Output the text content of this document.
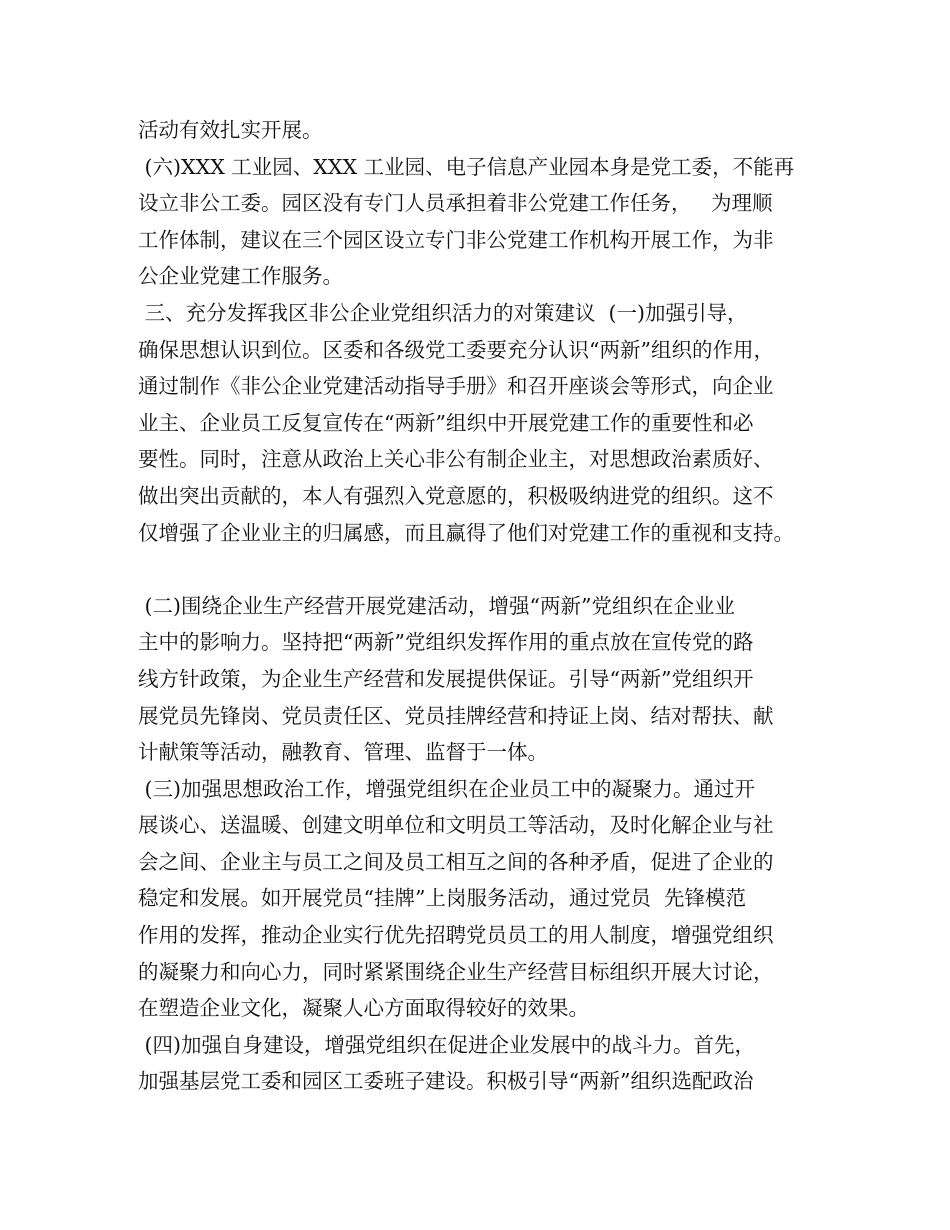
活动有效扎实开展。
(六)XXX 工业园、XXX 工业园、电子信息产业园本身是党工委，不能再
设立非公工委。园区没有专门人员承担着非公党建工作任务，   为理顺
工作体制，建议在三个园区设立专门非公党建工作机构开展工作，为非
公企业党建工作服务。
三、充分发挥我区非公企业党组织活力的对策建议  (一)加强引导，
确保思想认识到位。区委和各级党工委要充分认识“两新”组织的作用，
通过制作《非公企业党建活动指导手册》和召开座谈会等形式，向企业
业主、企业员工反复宣传在“两新”组织中开展党建工作的重要性和必
要性。同时，注意从政治上关心非公有制企业主，对思想政治素质好、
做出突出贡献的，本人有强烈入党意愿的，积极吸纳进党的组织。这不
仅增强了企业业主的归属感，而且赢得了他们对党建工作的重视和支持。
(二)围绕企业生产经营开展党建活动，增强“两新”党组织在企业业
主中的影响力。坚持把“两新”党组织发挥作用的重点放在宣传党的路
线方针政策，为企业生产经营和发展提供保证。引导“两新”党组织开
展党员先锋岗、党员责任区、党员挂牌经营和持证上岗、结对帮扶、献
计献策等活动，融教育、管理、监督于一体。
(三)加强思想政治工作，增强党组织在企业员工中的凝聚力。通过开
展谈心、送温暖、创建文明单位和文明员工等活动，及时化解企业与社
会之间、企业主与员工之间及员工相互之间的各种矛盾，促进了企业的
稳定和发展。如开展党员“挂牌”上岗服务活动，通过党员  先锋模范
作用的发挥，推动企业实行优先招聘党员员工的用人制度，增强党组织
的凝聚力和向心力，同时紧紧围绕企业生产经营目标组织开展大讨论，
在塑造企业文化，凝聚人心方面取得较好的效果。
(四)加强自身建设，增强党组织在促进企业发展中的战斗力。首先，
加强基层党工委和园区工委班子建设。积极引导“两新”组织选配政治
